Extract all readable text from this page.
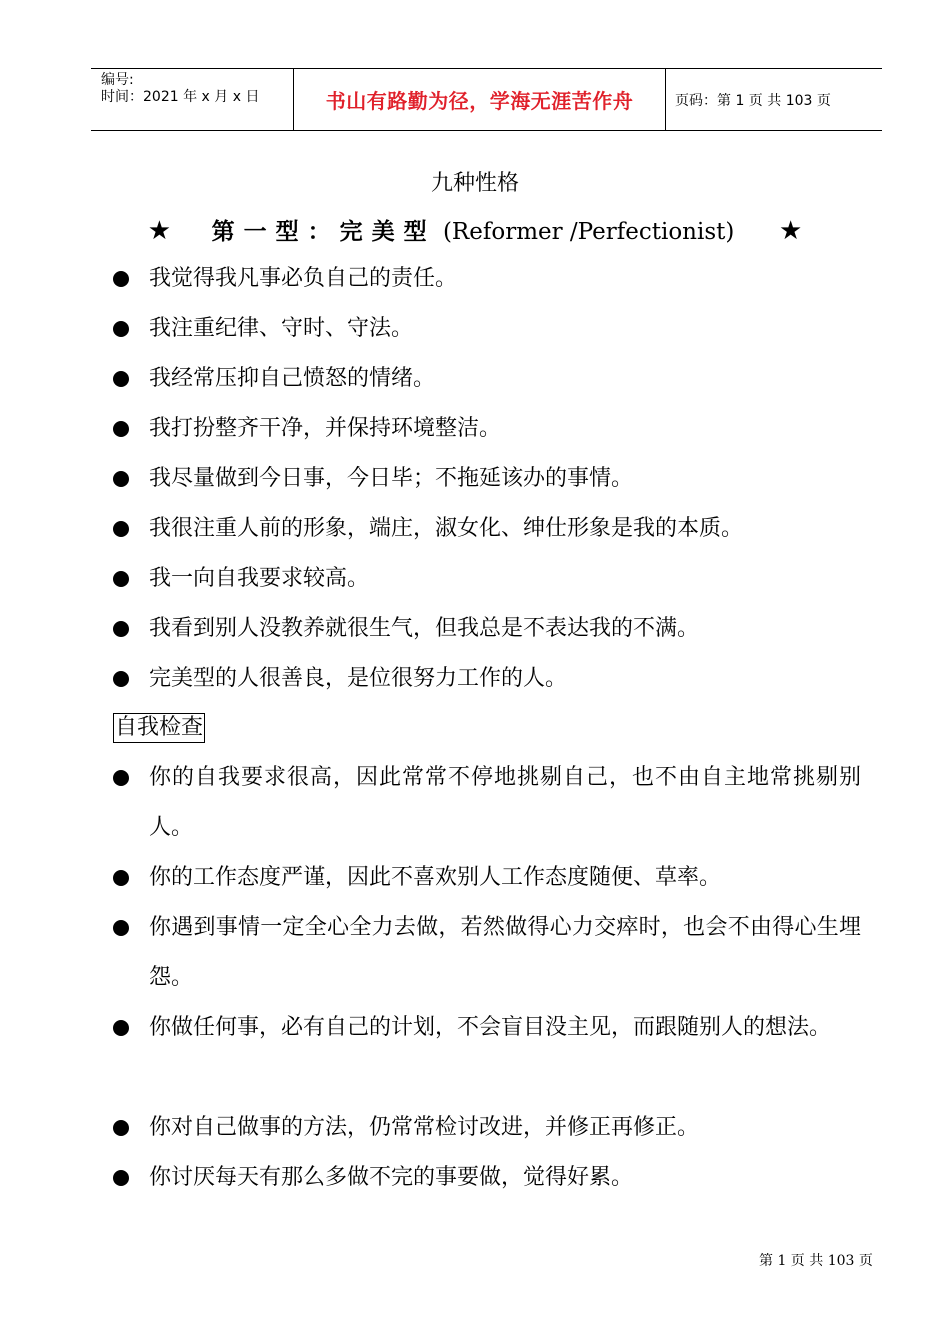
编号:
时间：2021 年 x 月 x 日	书山有路勤为径，学海无涯苦作舟	页码：第 1 页 共 103 页
九种性格
★ 第一型：完美型 (Reformer /Perfectionist) ★
我觉得我凡事必负自己的责任。
我注重纪律、守时、守法。
我经常压抑自己愤怒的情绪。
我打扮整齐干净，并保持环境整洁。
我尽量做到今日事，今日毕；不拖延该办的事情。
我很注重人前的形象，端庄，淑女化、绅仕形象是我的本质。
我一向自我要求较高。
我看到别人没教养就很生气，但我总是不表达我的不满。
完美型的人很善良，是位很努力工作的人。
自我检查
你的自我要求很高，因此常常不停地挑剔自己，也不由自主地常挑剔别人。
你的工作态度严谨，因此不喜欢别人工作态度随便、草率。
你遇到事情一定全心全力去做，若然做得心力交瘁时，也会不由得心生埋怨。
你做任何事，必有自己的计划，不会盲目没主见，而跟随别人的想法。
你对自己做事的方法，仍常常检讨改进，并修正再修正。
你讨厌每天有那么多做不完的事要做，觉得好累。
第 1 页 共 103 页
